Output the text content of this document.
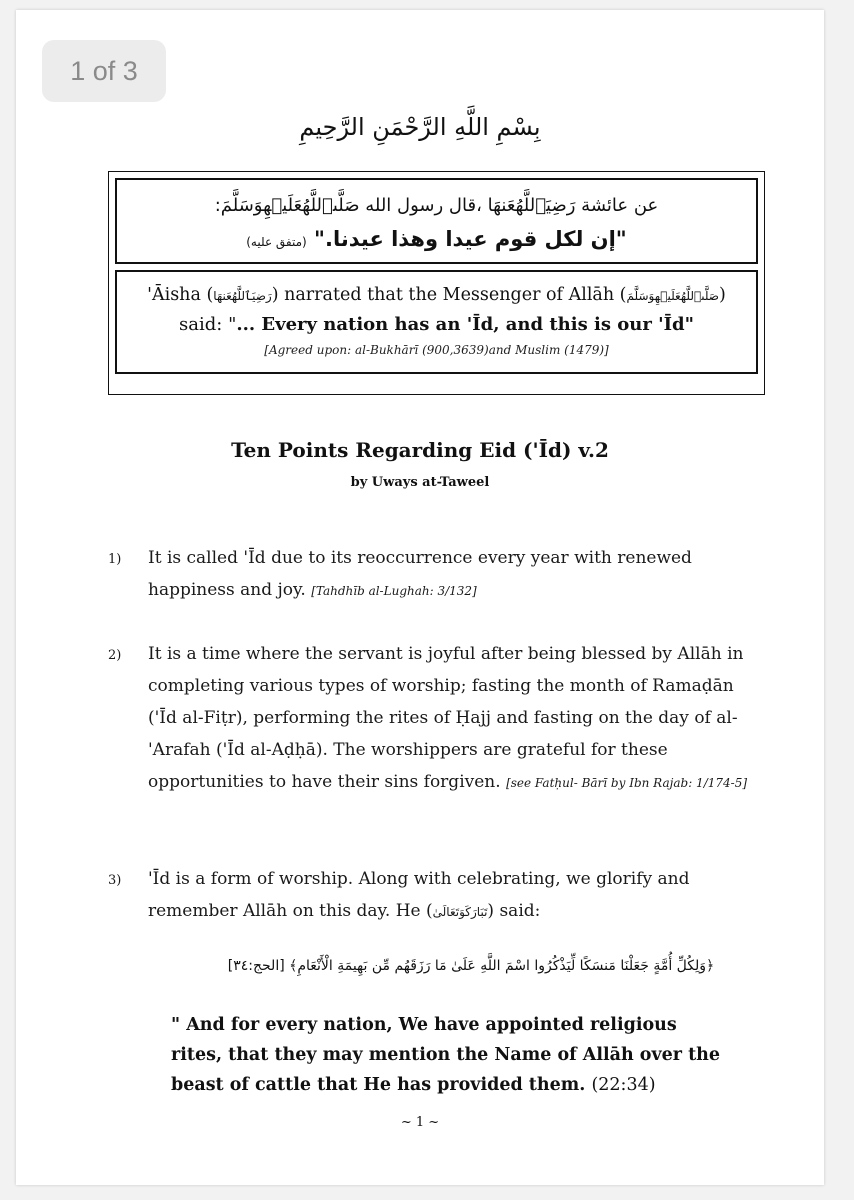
بِسْمِ اللَّهِ الرَّحْمَنِ الرَّحِيمِ
عن عائشة رَضِيَٱللَّهُعَنهَا ،قال رسول الله صَلَّىٱللَّهُعَلَيۡهِوَسَلَّمَ:
"إن لكل قوم عيدا وهذا عيدنا." (متفق عليه)
'Āisha (رَضِيَٱللَّهُعَنهَا) narrated that the Messenger of Allāh (صَلَّىٱللَّهُعَلَيۡهِوَسَلَّمَ)
said: "... Every nation has an 'Īd, and this is our 'Īd"
[Agreed upon: al-Bukhārī (900,3639)and Muslim (1479)]
Ten Points Regarding Eid ('Īd) v.2
by Uways at-Taweel
1) It is called 'Īd due to its reoccurrence every year with renewed happiness and joy. [Tahdhīb al-Lughah: 3/132]
2) It is a time where the servant is joyful after being blessed by Allāh in completing various types of worship; fasting the month of Ramaḍān ('Īd al-Fiṭr), performing the rites of Ḥajj and fasting on the day of al-'Arafah ('Īd al-Aḍḥā). The worshippers are grateful for these opportunities to have their sins forgiven. [see Fatḥul- Bārī by Ibn Rajab: 1/174-5]
3) 'Īd is a form of worship. Along with celebrating, we glorify and remember Allāh on this day. He (تَبَارَكَوَتَعَالَىٰ) said:
﴿وَلِكُلِّ أُمَّةٍ جَعَلْنَا مَنسَكًا لِّيَذْكُرُوا اسْمَ اللَّهِ عَلَىٰ مَا رَزَقَهُم مِّن بَهِيمَةِ الْأَنْعَامِ﴾ [الحج:٣٤]
" And for every nation, We have appointed religious rites, that they may mention the Name of Allāh over the beast of cattle that He has provided them. (22:34)
~ 1 ~
1 of 3
